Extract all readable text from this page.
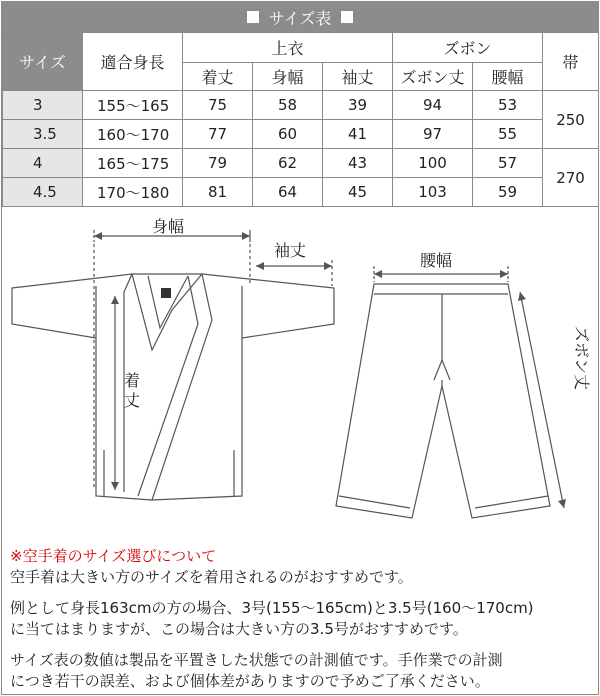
サイズ表
サイズ	適合身長	上衣			ズボン		帯
		着丈	身幅	袖丈	ズボン丈	腰幅	
3	155〜165	75	58	39	94	53	250
3.5	160〜170	77	60	41	97	55	
4	165〜175	79	62	43	100	57	270
4.5	170〜180	81	64	45	103	59	
身幅
袖丈
着
丈
腰幅
ズボン丈

※空手着のサイズ選びについて

空手着は大きい方のサイズを着用されるのがおすすめです。

例として身長163cmの方の場合、3号(155〜165cm)と3.5号(160〜170cm)

に当てはまりますが、この場合は大きい方の3.5号がおすすめです。

サイズ表の数値は製品を平置きした状態での計測値です。手作業での計測

につき若干の誤差、および個体差がありますので予めご了承ください。
